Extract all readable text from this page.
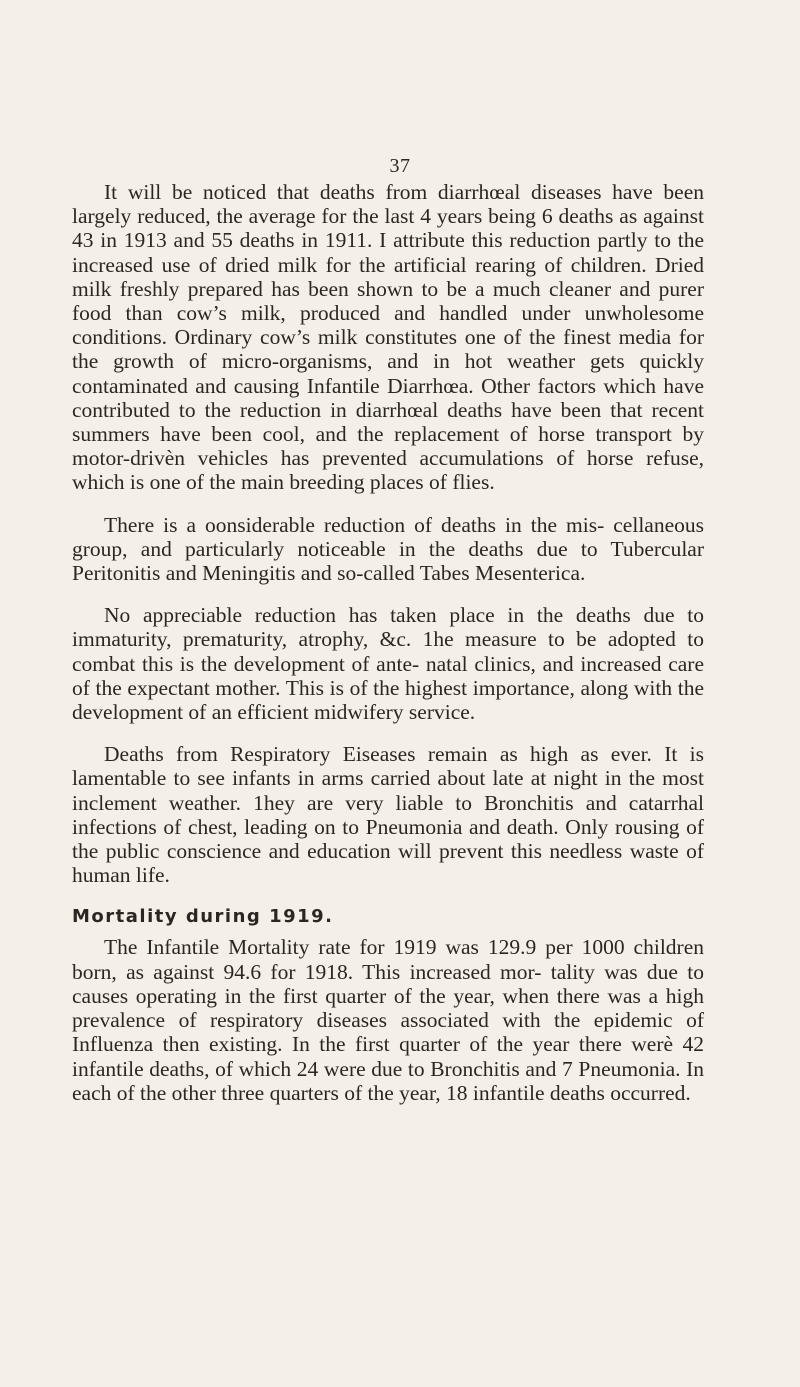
37

It will be noticed that deaths from diarrhœal diseases have been largely reduced, the average for the last 4 years being 6 deaths as against 43 in 1913 and 55 deaths in 1911. I attribute this reduction partly to the increased use of dried milk for the artificial rearing of children. Dried milk freshly prepared has been shown to be a much cleaner and purer food than cow’s milk, produced and handled under unwholesome conditions. Ordinary cow’s milk constitutes one of the finest media for the growth of micro-organisms, and in hot weather gets quickly contaminated and causing Infantile Diarrhœa. Other factors which have contributed to the reduction in diarrhœal deaths have been that recent summers have been cool, and the replacement of horse transport by motor-drivèn vehicles has prevented accumulations of horse refuse, which is one of the main breeding places of flies.

There is a oonsiderable reduction of deaths in the mis- cellaneous group, and particularly noticeable in the deaths due to Tubercular Peritonitis and Meningitis and so-called Tabes Mesenterica.

No appreciable reduction has taken place in the deaths due to immaturity, prematurity, atrophy, &c. 1he measure to be adopted to combat this is the development of ante- natal clinics, and increased care of the expectant mother. This is of the highest importance, along with the development of an efficient midwifery service.

Deaths from Respiratory Eiseases remain as high as ever. It is lamentable to see infants in arms carried about late at night in the most inclement weather. 1hey are very liable to Bronchitis and catarrhal infections of chest, leading on to Pneumonia and death. Only rousing of the public conscience and education will prevent this needless waste of human life.

Mortality during 1919.

The Infantile Mortality rate for 1919 was 129.9 per 1000 children born, as against 94.6 for 1918. This increased mor- tality was due to causes operating in the first quarter of the year, when there was a high prevalence of respiratory diseases associated with the epidemic of Influenza then existing. In the first quarter of the year there werè 42 infantile deaths, of which 24 were due to Bronchitis and 7 Pneumonia. In each of the other three quarters of the year, 18 infantile deaths occurred.
